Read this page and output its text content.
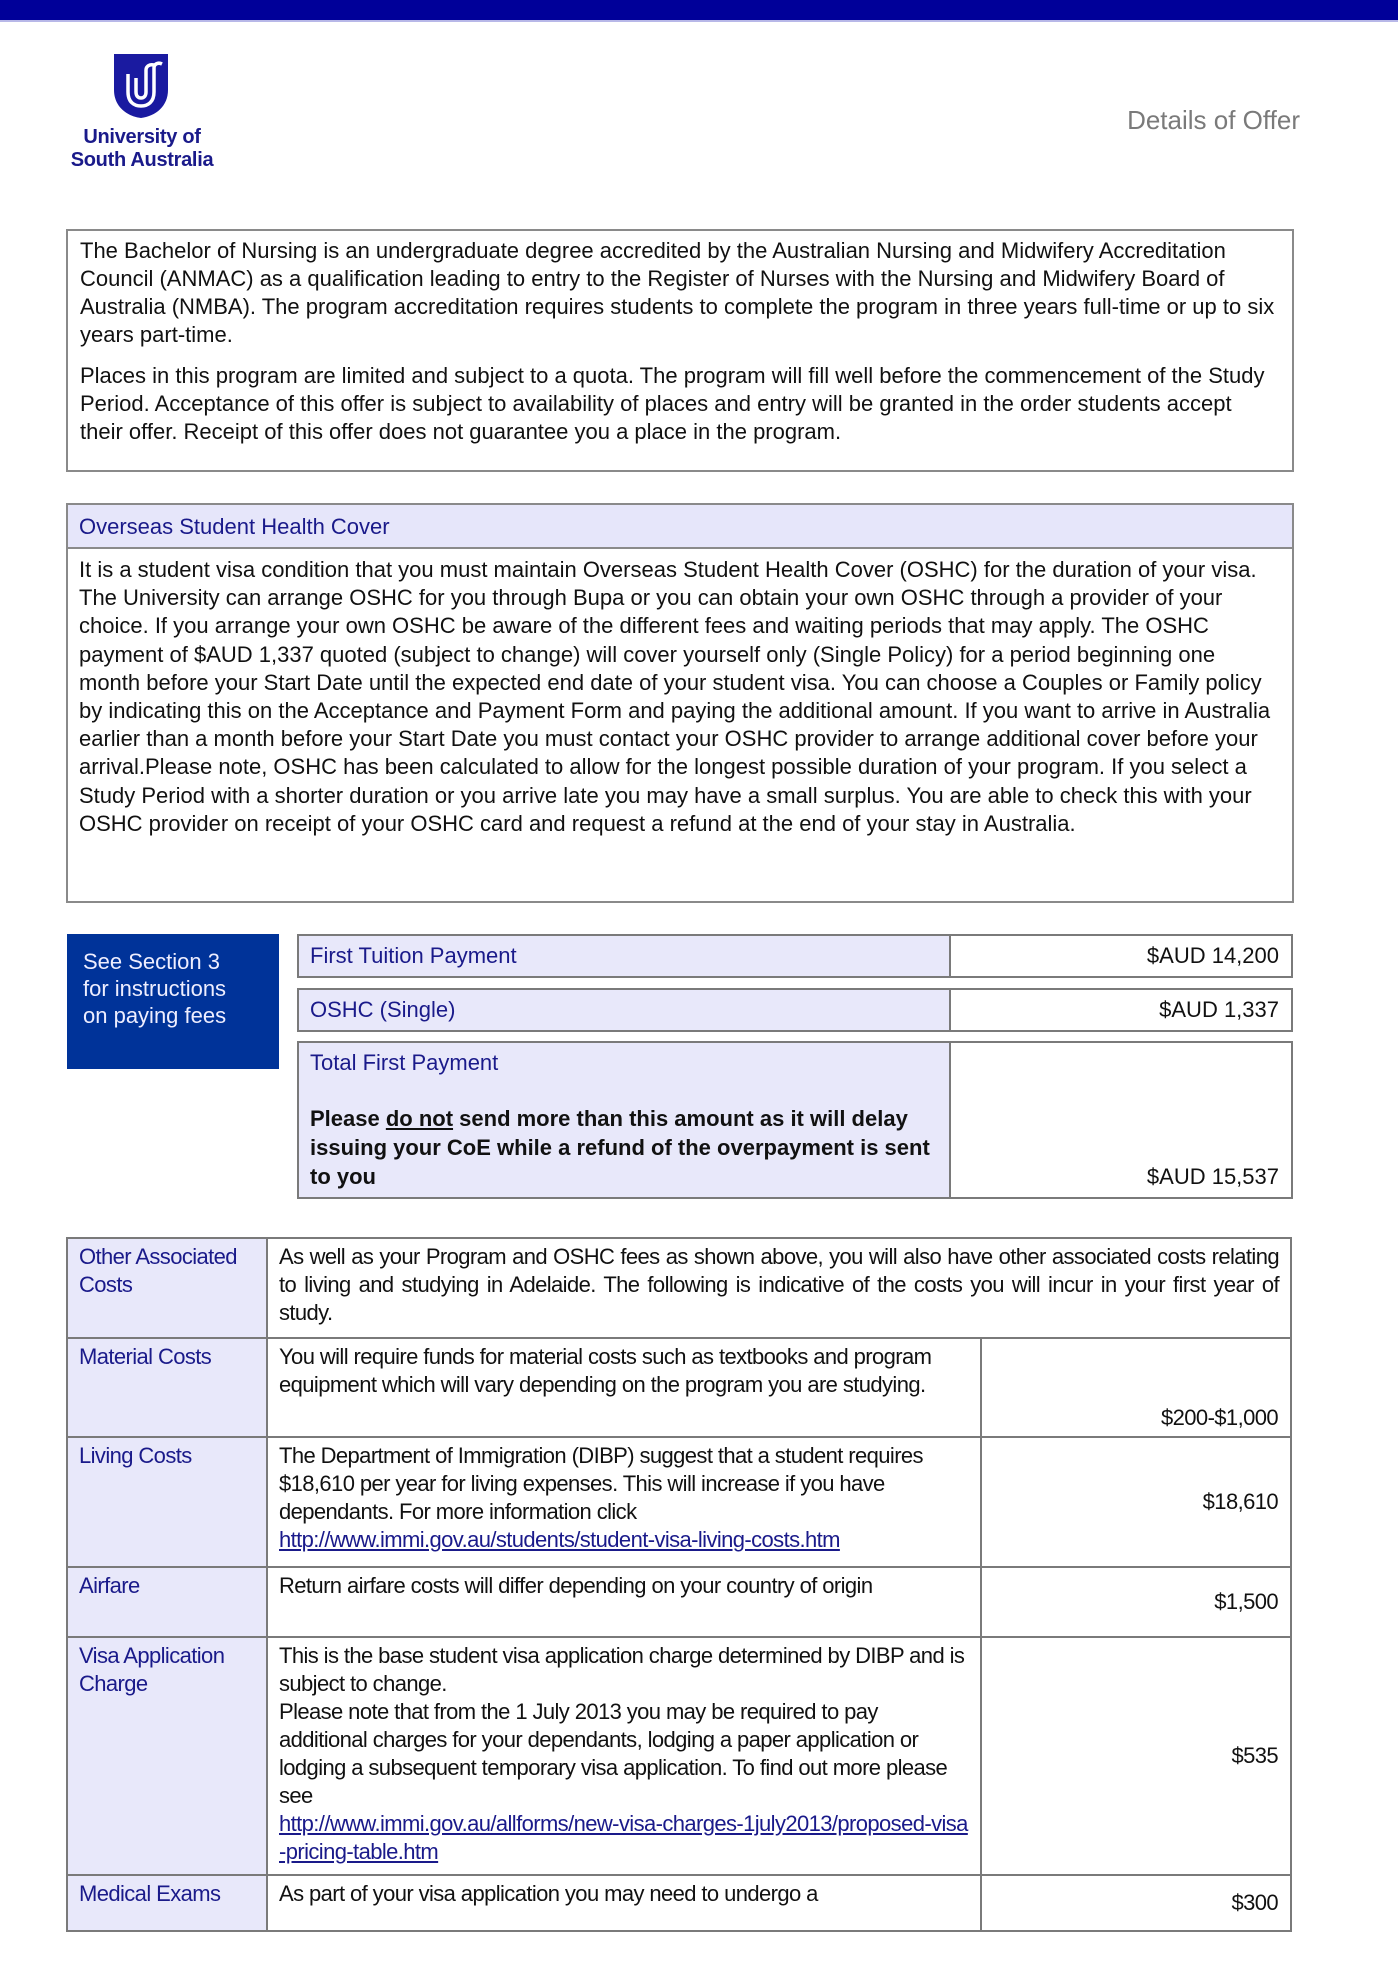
University of
South Australia
Details of Offer

The Bachelor of Nursing is an undergraduate degree accredited by the Australian Nursing and Midwifery Accreditation Council (ANMAC) as a qualification leading to entry to the Register of Nurses with the Nursing and Midwifery Board of Australia (NMBA). The program accreditation requires students to complete the program in three years full-time or up to six years part-time.

Places in this program are limited and subject to a quota. The program will fill well before the commencement of the Study Period. Acceptance of this offer is subject to availability of places and entry will be granted in the order students accept their offer. Receipt of this offer does not guarantee you a place in the program.

Overseas Student Health Cover
It is a student visa condition that you must maintain Overseas Student Health Cover (OSHC) for the duration of your visa. The University can arrange OSHC for you through Bupa or you can obtain your own OSHC through a provider of your choice. If you arrange your own OSHC be aware of the different fees and waiting periods that may apply. The OSHC payment of $AUD 1,337 quoted (subject to change) will cover yourself only (Single Policy) for a period beginning one month before your Start Date until the expected end date of your student visa. You can choose a Couples or Family policy by indicating this on the Acceptance and Payment Form and paying the additional amount. If you want to arrive in Australia earlier than a month before your Start Date you must contact your OSHC provider to arrange additional cover before your arrival.Please note, OSHC has been calculated to allow for the longest possible duration of your program. If you select a Study Period with a shorter duration or you arrive late you may have a small surplus. You are able to check this with your OSHC provider on receipt of your OSHC card and request a refund at the end of your stay in Australia.
See Section 3
for instructions
on paying fees
First Tuition Payment	$AUD 14,200
OSHC (Single)	$AUD 1,337
Total First Payment
Please do not send more than this amount as it will delay issuing your CoE while a refund of the overpayment is sent to you	$AUD 15,537
Other Associated Costs	As well as your Program and OSHC fees as shown above, you will also have other associated costs relating to living and studying in Adelaide. The following is indicative of the costs you will incur in your first year of study.	
Material Costs	You will require funds for material costs such as textbooks and program equipment which will vary depending on the program you are studying.	$200-$1,000
Living Costs	The Department of Immigration (DIBP) suggest that a student requires $18,610 per year for living expenses. This will increase if you have dependants. For more information click
http://www.immi.gov.au/students/student-visa-living-costs.htm	$18,610
Airfare	Return airfare costs will differ depending on your country of origin	$1,500
Visa Application Charge	This is the base student visa application charge determined by DIBP and is subject to change.
Please note that from the 1 July 2013 you may be required to pay additional charges for your dependants, lodging a paper application or lodging a subsequent temporary visa application. To find out more please see
http://www.immi.gov.au/allforms/new-visa-charges-1july2013/proposed-visa-pricing-table.htm	$535
Medical Exams	As part of your visa application you may need to undergo a	$300
